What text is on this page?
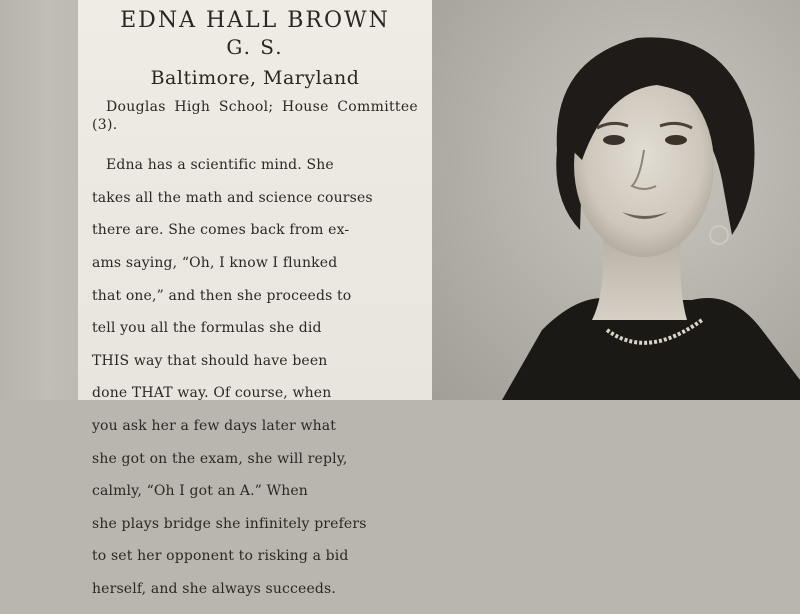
EDNA HALL BROWN
G. S.
Baltimore, Maryland
Douglas High School; House Committee (3).

Edna has a scientific mind. She

takes all the math and science courses

there are. She comes back from ex-

ams saying, “Oh, I know I flunked

that one,” and then she proceeds to

tell you all the formulas she did

THIS way that should have been

done THAT way. Of course, when

you ask her a few days later what

she got on the exam, she will reply,

calmly, “Oh I got an A.” When

she plays bridge she infinitely prefers

to set her opponent to risking a bid

herself, and she always succeeds.
